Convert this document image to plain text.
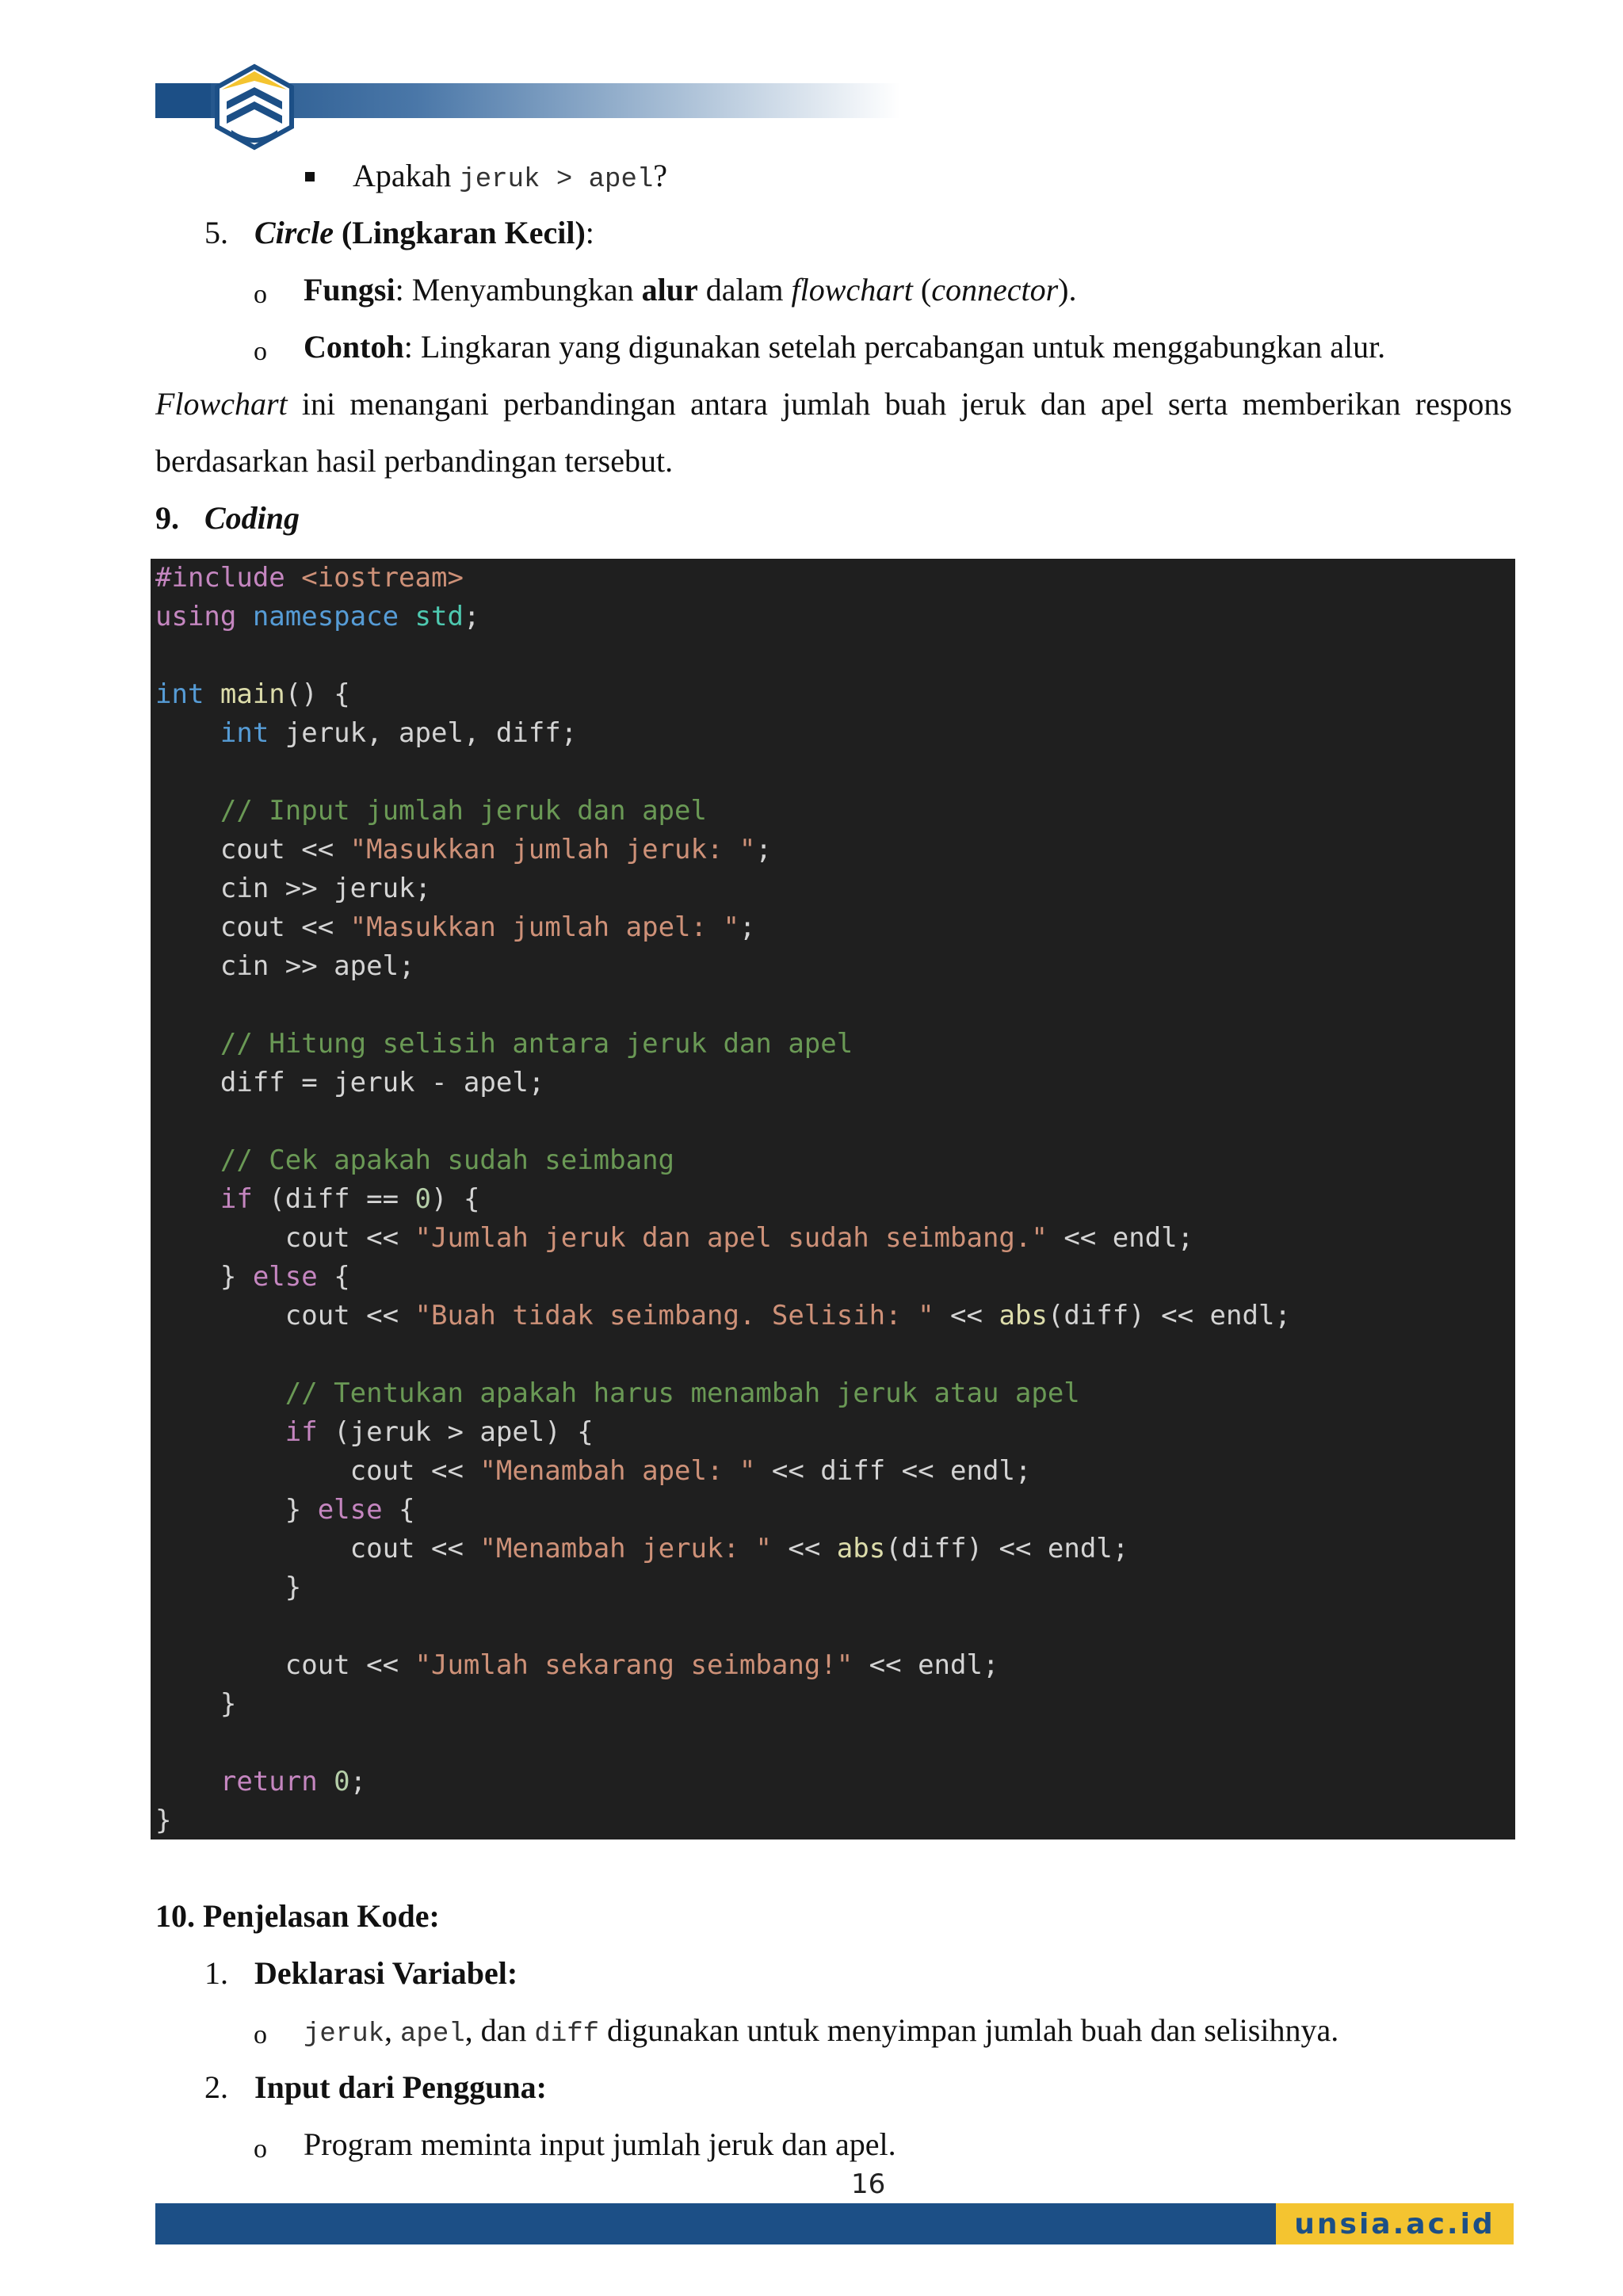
Apakah jeruk > apel?
5. Circle (Lingkaran Kecil):
o Fungsi: Menyambungkan alur dalam flowchart (connector).
o Contoh: Lingkaran yang digunakan setelah percabangan untuk menggabungkan alur.
Flowchart ini menangani perbandingan antara jumlah buah jeruk dan apel serta memberikan respons berdasarkan hasil perbandingan tersebut.
9. Coding
#include <iostream>
using namespace std;
int main() {
int jeruk, apel, diff;
// Input jumlah jeruk dan apel
cout << "Masukkan jumlah jeruk: ";
cin >> jeruk;
cout << "Masukkan jumlah apel: ";
cin >> apel;
// Hitung selisih antara jeruk dan apel
diff = jeruk - apel;
// Cek apakah sudah seimbang
if (diff == 0) {
cout << "Jumlah jeruk dan apel sudah seimbang." << endl;
} else {
cout << "Buah tidak seimbang. Selisih: " << abs(diff) << endl;
// Tentukan apakah harus menambah jeruk atau apel
if (jeruk > apel) {
cout << "Menambah apel: " << diff << endl;
} else {
cout << "Menambah jeruk: " << abs(diff) << endl;
}
cout << "Jumlah sekarang seimbang!" << endl;
}
return 0;
}
10. Penjelasan Kode:
1. Deklarasi Variabel:
o jeruk, apel, dan diff digunakan untuk menyimpan jumlah buah dan selisihnya.
2. Input dari Pengguna:
o Program meminta input jumlah jeruk dan apel.
16
unsia.ac.id
